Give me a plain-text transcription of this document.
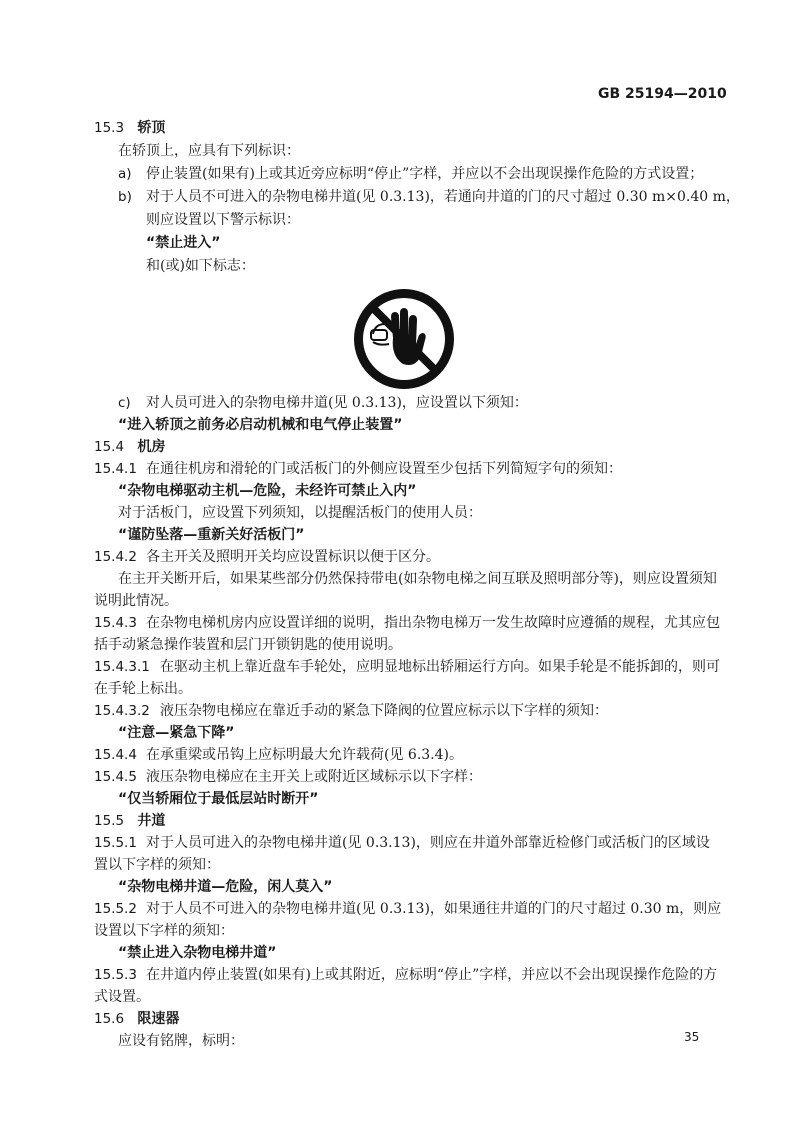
GB 25194—2010
15.3 轿顶
在轿顶上，应具有下列标识：
a) 停止装置(如果有)上或其近旁应标明“停止”字样，并应以不会出现误操作危险的方式设置；
b) 对于人员不可进入的杂物电梯井道(见 0.3.13)，若通向井道的门的尺寸超过 0.30 m×0.40 m，
则应设置以下警示标识：
“禁止进入”
和(或)如下标志：
c) 对人员可进入的杂物电梯井道(见 0.3.13)，应设置以下须知：
“进入轿顶之前务必启动机械和电气停止装置”
15.4 机房
15.4.1 在通往机房和滑轮的门或活板门的外侧应设置至少包括下列简短字句的须知：
“杂物电梯驱动主机—危险，未经许可禁止入内”
对于活板门，应设置下列须知，以提醒活板门的使用人员：
“谨防坠落—重新关好活板门”
15.4.2 各主开关及照明开关均应设置标识以便于区分。
在主开关断开后，如果某些部分仍然保持带电(如杂物电梯之间互联及照明部分等)，则应设置须知
说明此情况。
15.4.3 在杂物电梯机房内应设置详细的说明，指出杂物电梯万一发生故障时应遵循的规程，尤其应包
括手动紧急操作装置和层门开锁钥匙的使用说明。
15.4.3.1 在驱动主机上靠近盘车手轮处，应明显地标出轿厢运行方向。如果手轮是不能拆卸的，则可
在手轮上标出。
15.4.3.2 液压杂物电梯应在靠近手动的紧急下降阀的位置应标示以下字样的须知：
“注意—紧急下降”
15.4.4 在承重梁或吊钩上应标明最大允许载荷(见 6.3.4)。
15.4.5 液压杂物电梯应在主开关上或附近区域标示以下字样：
“仅当轿厢位于最低层站时断开”
15.5 井道
15.5.1 对于人员可进入的杂物电梯井道(见 0.3.13)，则应在井道外部靠近检修门或活板门的区域设
置以下字样的须知：
“杂物电梯井道—危险，闲人莫入”
15.5.2 对于人员不可进入的杂物电梯井道(见 0.3.13)，如果通往井道的门的尺寸超过 0.30 m，则应
设置以下字样的须知：
“禁止进入杂物电梯井道”
15.5.3 在井道内停止装置(如果有)上或其附近，应标明“停止”字样，并应以不会出现误操作危险的方
式设置。
15.6 限速器
应设有铭牌，标明：	35
